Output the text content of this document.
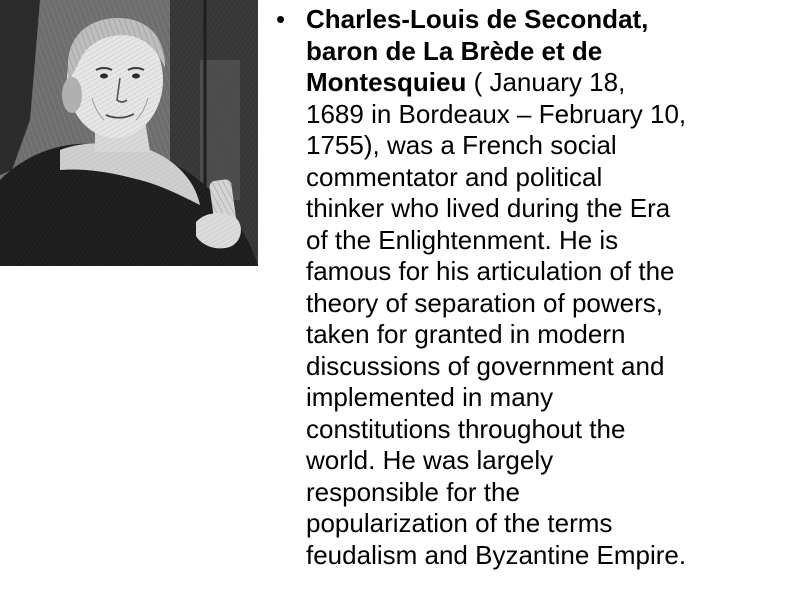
• Charles-Louis de Secondat,
baron de La Brède et de
Montesquieu ( January 18,
1689 in Bordeaux – February 10,
1755), was a French social
commentator and political
thinker who lived during the Era
of the Enlightenment. He is
famous for his articulation of the
theory of separation of powers,
taken for granted in modern
discussions of government and
implemented in many
constitutions throughout the
world. He was largely
responsible for the
popularization of the terms
feudalism and Byzantine Empire.
